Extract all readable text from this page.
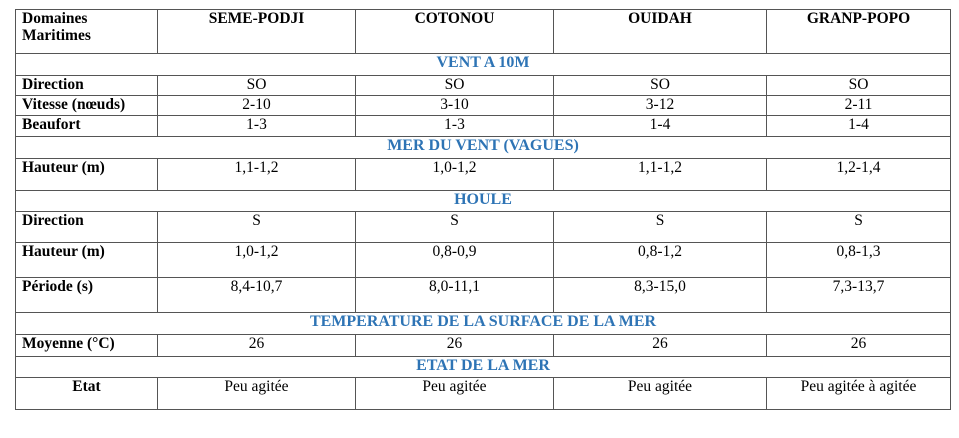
Domaines Maritimes	SEME-PODJI	COTONOU	OUIDAH	GRANP-POPO
VENT A 10M				
Direction	SO	SO	SO	SO
Vitesse (nœuds)	2-10	3-10	3-12	2-11
Beaufort	1-3	1-3	1-4	1-4
MER DU VENT (VAGUES)				
Hauteur (m)	1,1-1,2	1,0-1,2	1,1-1,2	1,2-1,4
HOULE				
Direction	S	S	S	S
Hauteur (m)	1,0-1,2	0,8-0,9	0,8-1,2	0,8-1,3
Période (s)	8,4-10,7	8,0-11,1	8,3-15,0	7,3-13,7
TEMPERATURE DE LA SURFACE DE LA MER				
Moyenne (°C)	26	26	26	26
ETAT DE LA MER				
Etat	Peu agitée	Peu agitée	Peu agitée	Peu agitée à agitée
